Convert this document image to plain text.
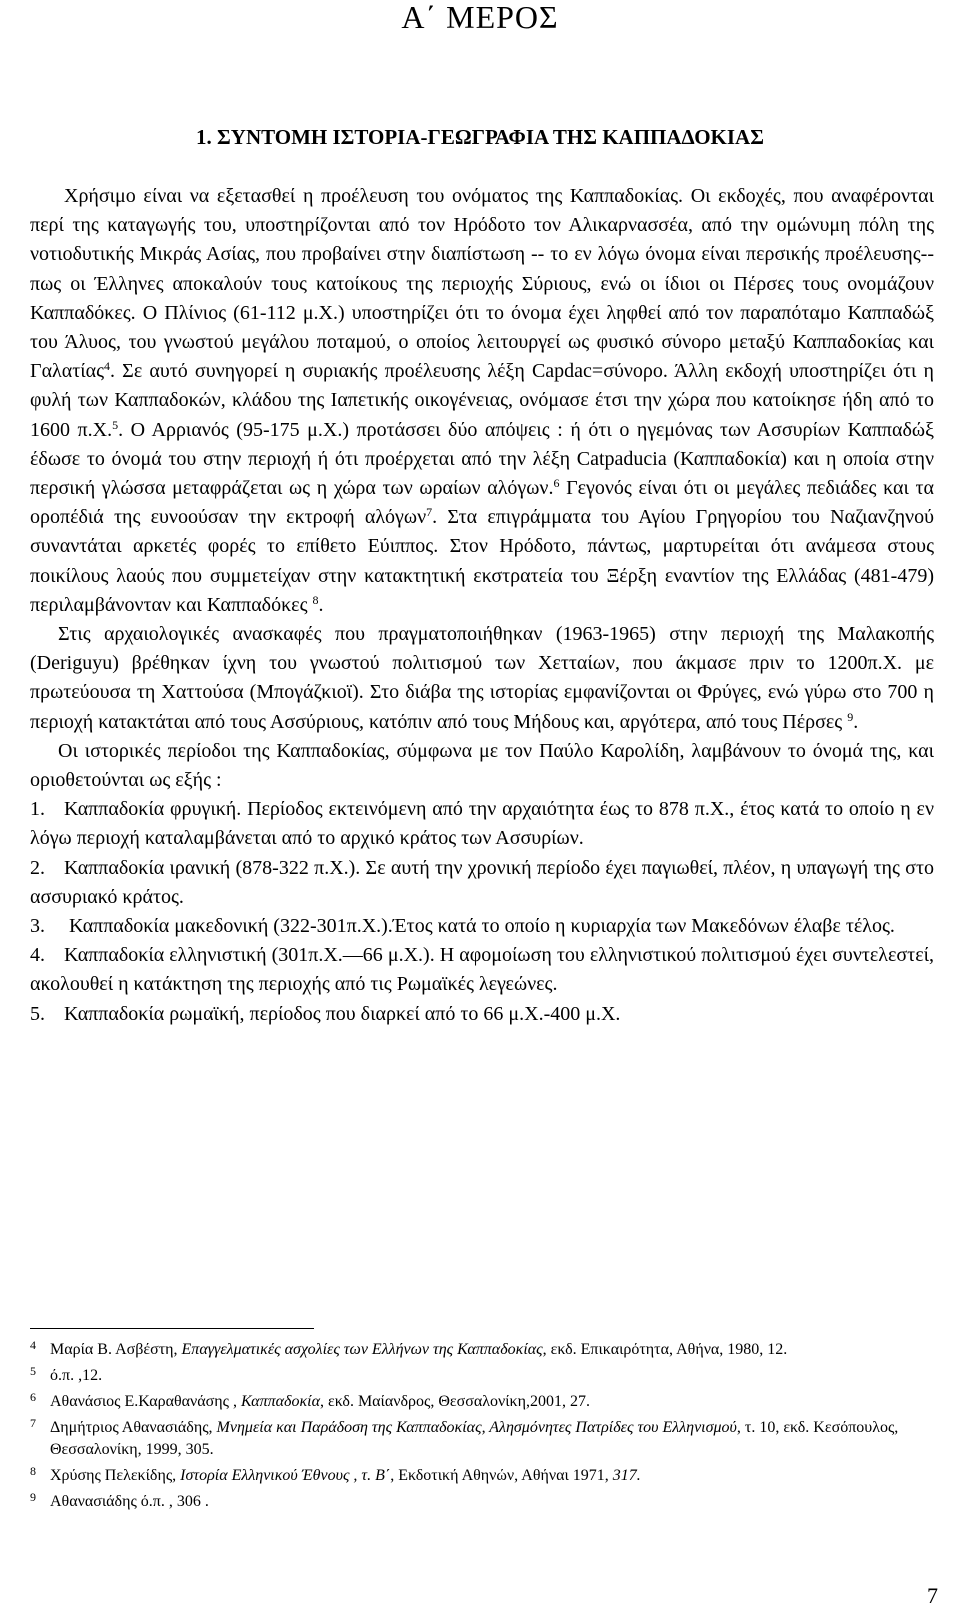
Α΄ ΜΕΡΟΣ
1. ΣΥΝΤΟΜΗ ΙΣΤΟΡΙΑ-ΓΕΩΓΡΑΦΙΑ ΤΗΣ ΚΑΠΠΑΔΟΚΙΑΣ

Χρήσιμο είναι να εξετασθεί η προέλευση του ονόματος της Καππαδοκίας. Οι εκδοχές, που αναφέρονται περί της καταγωγής του, υποστηρίζονται από τον Ηρόδοτο τον Αλικαρνασσέα, από την ομώνυμη πόλη της νοτιοδυτικής Μικράς Ασίας, που προβαίνει στην διαπίστωση -- το εν λόγω όνομα είναι περσικής προέλευσης-- πως οι Έλληνες αποκαλούν τους κατοίκους της περιοχής Σύριους, ενώ οι ίδιοι οι Πέρσες τους ονομάζουν Καππαδόκες. Ο Πλίνιος (61-112 μ.Χ.) υποστηρίζει ότι το όνομα έχει ληφθεί από τον παραπόταμο Καππαδώξ του Άλυος, του γνωστού μεγάλου ποταμού, ο οποίος λειτουργεί ως φυσικό σύνορο μεταξύ Καππαδοκίας και Γαλατίας$^4$. Σε αυτό συνηγορεί η συριακής προέλευσης λέξη Capdac=σύνορο. Άλλη εκδοχή υποστηρίζει ότι η φυλή των Καππαδοκών, κλάδου της Ιαπετικής οικογένειας, ονόμασε έτσι την χώρα που κατοίκησε ήδη από το 1600 π.Χ.$^5$. Ο Αρριανός (95-175 μ.Χ.) προτάσσει δύο απόψεις : ή ότι ο ηγεμόνας των Ασσυρίων Καππαδώξ έδωσε το όνομά του στην περιοχή ή ότι προέρχεται από την λέξη Catpaducia (Καππαδοκία) και η οποία στην περσική γλώσσα μεταφράζεται ως η χώρα των ωραίων αλόγων.$^6$ Γεγονός είναι ότι οι μεγάλες πεδιάδες και τα οροπέδιά της ευνοούσαν την εκτροφή αλόγων$^7$. Στα επιγράμματα του Αγίου Γρηγορίου του Ναζιανζηνού συναντάται αρκετές φορές το επίθετο Εύιππος. Στον Ηρόδοτο, πάντως, μαρτυρείται ότι ανάμεσα στους ποικίλους λαούς που συμμετείχαν στην κατακτητική εκστρατεία του Ξέρξη εναντίον της Ελλάδας (481-479) περιλαμβάνονταν και Καππαδόκες $^8$.

Στις αρχαιολογικές ανασκαφές που πραγματοποιήθηκαν (1963-1965) στην περιοχή της Μαλακοπής (Deriguyu) βρέθηκαν ίχνη του γνωστού πολιτισμού των Χετταίων, που άκμασε πριν το 1200π.Χ. με πρωτεύουσα τη Χαττούσα (Μπογάζκιοϊ). Στο διάβα της ιστορίας εμφανίζονται οι Φρύγες, ενώ γύρω στο 700 η περιοχή κατακτάται από τους Ασσύριους, κατόπιν από τους Μήδους και, αργότερα, από τους Πέρσες $^9$.

Οι ιστορικές περίοδοι της Καππαδοκίας, σύμφωνα με τον Παύλο Καρολίδη, λαμβάνουν το όνομά της, και οριοθετούνται ως εξής :

1. Καππαδοκία φρυγική. Περίοδος εκτεινόμενη από την αρχαιότητα έως το 878 π.Χ., έτος κατά το οποίο η εν λόγω περιοχή καταλαμβάνεται από το αρχικό κράτος των Ασσυρίων.

2. Καππαδοκία ιρανική (878-322 π.Χ.). Σε αυτή την χρονική περίοδο έχει παγιωθεί, πλέον, η υπαγωγή της στο ασσυριακό κράτος.

3. Καππαδοκία μακεδονική (322-301π.Χ.).Έτος κατά το οποίο η κυριαρχία των Μακεδόνων έλαβε τέλος.

4. Καππαδοκία ελληνιστική (301π.Χ.—66 μ.Χ.). Η αφομοίωση του ελληνιστικού πολιτισμού έχει συντελεστεί, ακολουθεί η κατάκτηση της περιοχής από τις Ρωμαϊκές λεγεώνες.

5. Καππαδοκία ρωμαϊκή, περίοδος που διαρκεί από το 66 μ.Χ.-400 μ.Χ.

4 Μαρία Β. Ασβέστη, Επαγγελματικές ασχολίες των Ελλήνων της Καππαδοκίας, εκδ. Επικαιρότητα, Αθήνα, 1980, 12.

5 ό.π. ,12.

6 Αθανάσιος Ε.Καραθανάσης , Καππαδοκία, εκδ. Μαίανδρος, Θεσσαλονίκη,2001, 27.

7 Δημήτριος Αθανασιάδης, Μνημεία και Παράδοση της Καππαδοκίας, Αλησμόνητες Πατρίδες του Ελληνισμού, τ. 10, εκδ. Κεσόπουλος, Θεσσαλονίκη, 1999, 305.

8 Χρύσης Πελεκίδης, Ιστορία Ελληνικού Έθνους , τ. Β΄, Εκδοτική Αθηνών, Αθήναι 1971, 317.

9 Αθανασιάδης ό.π. , 306 .

7
